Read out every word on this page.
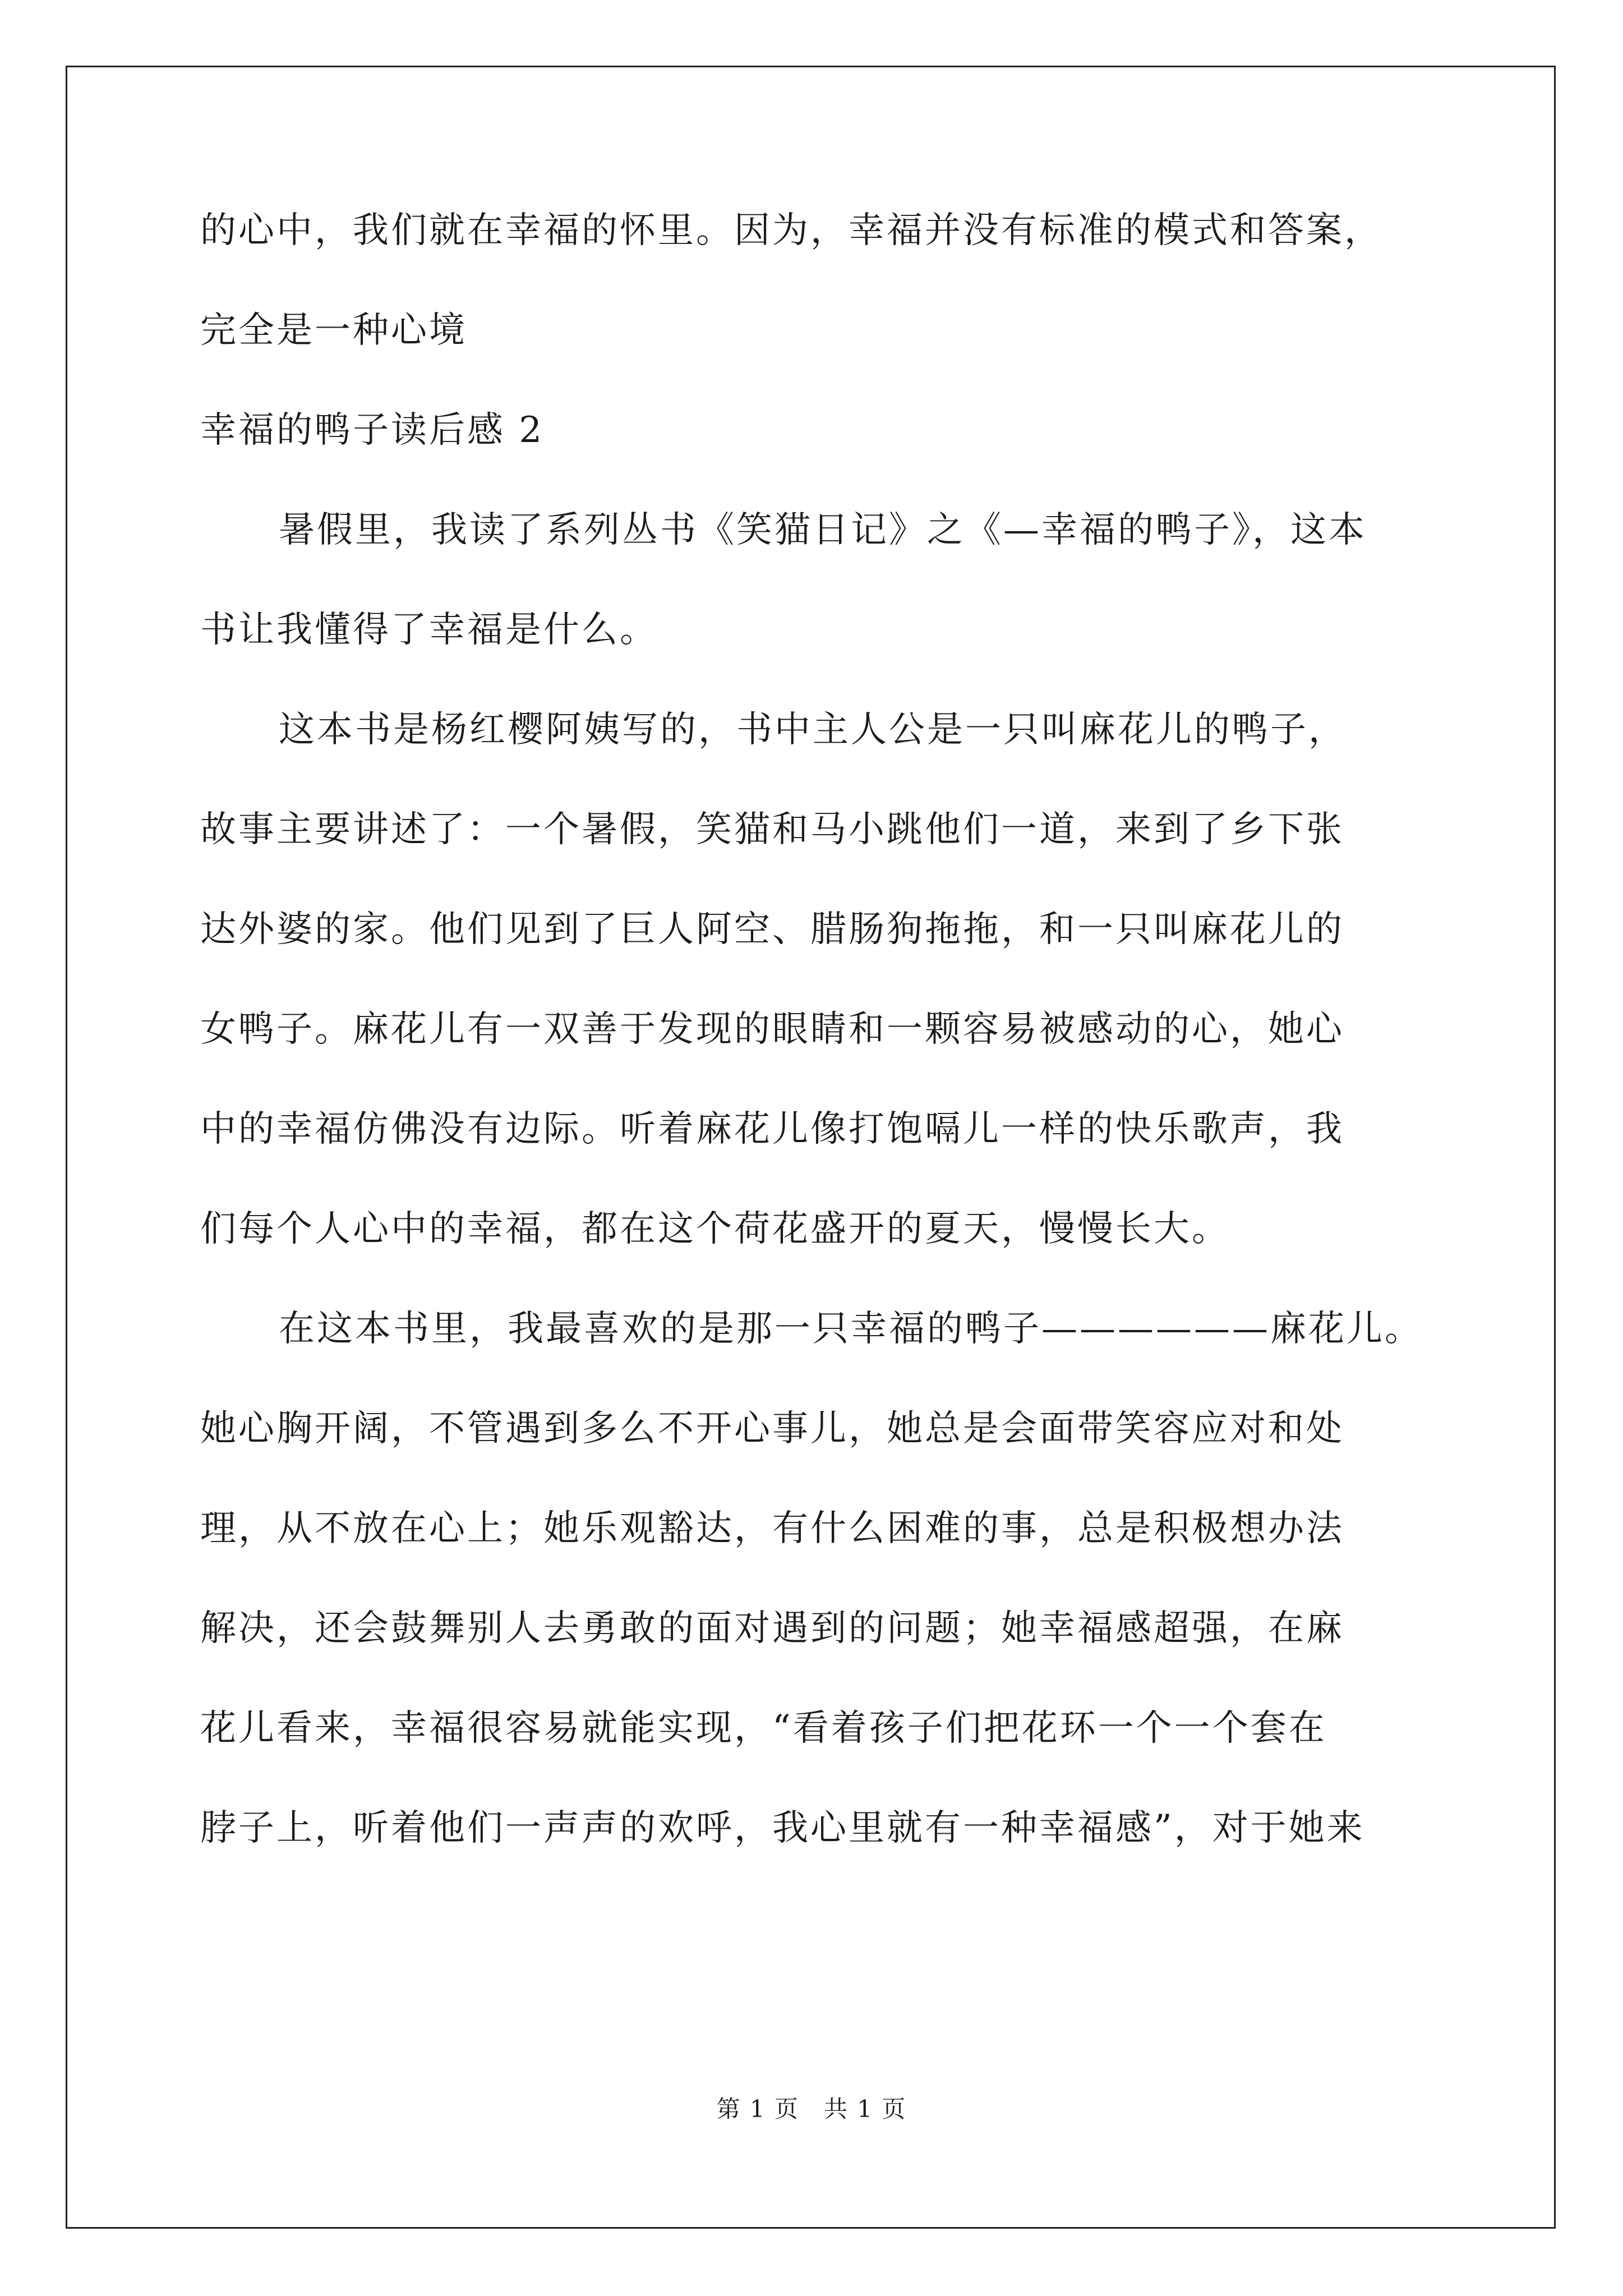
的心中，我们就在幸福的怀里。因为，幸福并没有标准的模式和答案，
完全是一种心境
幸福的鸭子读后感 2
暑假里，我读了系列丛书《笑猫日记》之《—幸福的鸭子》，这本
书让我懂得了幸福是什么。
这本书是杨红樱阿姨写的，书中主人公是一只叫麻花儿的鸭子，
故事主要讲述了：一个暑假，笑猫和马小跳他们一道，来到了乡下张
达外婆的家。他们见到了巨人阿空、腊肠狗拖拖，和一只叫麻花儿的
女鸭子。麻花儿有一双善于发现的眼睛和一颗容易被感动的心，她心
中的幸福仿佛没有边际。听着麻花儿像打饱嗝儿一样的快乐歌声，我
们每个人心中的幸福，都在这个荷花盛开的夏天，慢慢长大。
在这本书里，我最喜欢的是那一只幸福的鸭子——————麻花儿。
她心胸开阔，不管遇到多么不开心事儿，她总是会面带笑容应对和处
理，从不放在心上；她乐观豁达，有什么困难的事，总是积极想办法
解决，还会鼓舞别人去勇敢的面对遇到的问题；她幸福感超强，在麻
花儿看来，幸福很容易就能实现，“看着孩子们把花环一个一个套在
脖子上，听着他们一声声的欢呼，我心里就有一种幸福感”，对于她来
第 1 页　共 1 页
